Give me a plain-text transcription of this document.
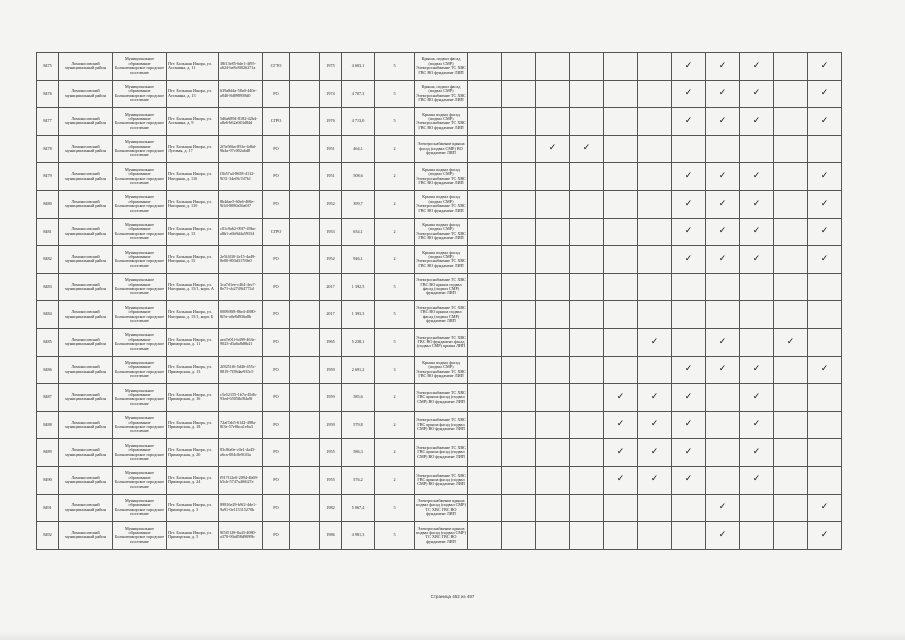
8475	Ломоносовский муниципальный район	Муниципальное образование Большеижорское городское поселение	Пгт. Большая Ижора, ул. Астанина, д. 11	38f13e85-6de1-4f95-a624-be8c8f026271a	СГТО		1975	4 603,1	5	Крыша, подвал фасад (подвал CMP) Электроснабжение ТС ХВС ГВС ВО фундамент ЛИП							✓	✓	✓		✓
8476	Ломоносовский муниципальный район	Муниципальное образование Большеижорское городское поселение	Пгт. Большая Ижора, ул. Астанина, д. 13	639a8d4a-58a0-440e-a040-8d898958d0	РО		1974	4 707,3	5	Крыша, подвал фасад (подвал CMP) Электроснабжение ТС ХВС ГВС ВО фундамент ЛИП							✓	✓	✓		✓
8477	Ломоносовский муниципальный район	Муниципальное образование Большеижорское городское поселение	Пгт. Большая Ижора, ул. Астанина, д. 9	5d6a6894-8182-42b4-a8e6-b62a943d84d	СГРО		1976	4 713,0	5	Крыша подвал фасад (подвал CMP) Электроснабжение ТС ХВС ГВС ВО фундамент ЛИП							✓	✓	✓		✓
8478	Ломоносовский муниципальный район	Муниципальное образование Большеижорское городское поселение	Пгт. Большая Ижора, ул. Луговая, д. 17	2f5e56ba-853e-4d6d-9b4a-97c902a6d8	РО		1951	464,1	2	Электроснабжение крыша фасад (подвал CMP) ВО фундамент ЛИП			✓	✓							
8479	Ломоносовский муниципальный район	Муниципальное образование Большеижорское городское поселение	Пгт. Большая Ижора, ул. Нагорная, д. 11б	f3b57a4-8658-4132-9f31-34ef8c7d7b1	РО		1951	508,6	2	Крыша подвал фасад (подвал CMP) Электроснабжение ТС ХВС ГВС ВО фундамент ЛИП							✓	✓	✓		✓
8480	Ломоносовский муниципальный район	Муниципальное образование Большеижорское городское поселение	Пгт. Большая Ижора, ул. Нагорная, д. 13б	8b4dae5-60e6-469e-9f44-8080a56a0f7	РО		1952	399,7	2	Крыша подвал фасад (подвал CMP) Электроснабжение ТС ХВС ГВС ВО фундамент ЛИП							✓	✓	✓		✓
8481	Ломоносовский муниципальный район	Муниципальное образование Большеижорское городское поселение	Пгт. Большая Ижора, ул. Нагорная, д. 13	c01c9a62-09f7-49ba-a8b1-a6b9d4a59334	СГРО		1953	654,1	2	Крыша подвал фасад (подвал CMP) Электроснабжение ТС ХВС ГВС ВО фундамент ЛИП							✓	✓	✓		✓
8482	Ломоносовский муниципальный район	Муниципальное образование Большеижорское городское поселение	Пгт. Большая Ижора, ул. Нагорная, д. 15	2e5f4f30-2e15-4a49-8e00-803d317f0e0	РО		1952	946,1	2	Крыша подвал фасад (подвал CMP) Электроснабжение ТС ХВС ГВС ВО фундамент ЛИП							✓	✓	✓		✓
8483	Ломоносовский муниципальный район	Муниципальное образование Большеижорское городское поселение	Пгт. Большая Ижора, ул. Нагорная, д. 15/1, корп. А	3ca7d1ee-c464-4ec7-8e71-cb2749f4772d	РО		2017	1 392,5	5	Электроснабжение ТС ХВС ГВС ВО крыша подвал фасад (подвал CMP) фундамент ЛИП											
8484	Ломоносовский муниципальный район	Муниципальное образование Большеижорское городское поселение	Пгт. Большая Ижора, ул. Нагорная, д. 15/1, корп. Б	0009f8f8-86e4-4880-8f5e-a0e8d936a8b	РО		2017	1 393,3	5	Электроснабжение ТС ХВС ГВС ВО крыша подвал фасад (подвал CMP) фундамент ЛИП											
8485	Ломоносовский муниципальный район	Муниципальное образование Большеижорское городское поселение	Пгт. Большая Ижора, ул. Приморская, д. 11	aea7e01f-b499-463e-9023-d3a6a8d8b41	РО		1965	5 238,1	5	Электроснабжение ТС ХВС ГВС ВО фундамент фасад (подвал CMP) крыша ЛИП						✓		✓		✓	
8486	Ломоносовский муниципальный район	Муниципальное образование Большеижорское городское поселение	Пгт. Большая Ижора, ул. Приморская, д. 13	2f8251f6-5d46-455c-8819-7f58dae935c5	РО		1959	2 691,2	3	Крыша подвал фасад (подвал CMP) Электроснабжение ТС ХВС ГВС ВО фундамент ЛИП							✓	✓	✓		✓
8487	Ломоносовский муниципальный район	Муниципальное образование Большеижорское городское поселение	Пгт. Большая Ижора, ул. Приморская, д. 16	c5e52155-1b7a-45db-93ed-6505fbf84a9f	РО		1959	585,6	2	Электроснабжение ТС ХВС ГВС крыша фасад (подвал CMP) ВО фундамент ЛИП					✓	✓	✓		✓		
8488	Ломоносовский муниципальный район	Муниципальное образование Большеижорское городское поселение	Пгт. Большая Ижора, ул. Приморская, д. 18	72af7ab5-6142-498a-8f3e-57e0bca1e6a3	РО		1959	579,8	2	Электроснабжение ТС ХВС ГВС крыша фасад (подвал CMP) ВО фундамент ЛИП					✓	✓	✓		✓		
8489	Ломоносовский муниципальный район	Муниципальное образование Большеижорское городское поселение	Пгт. Большая Ижора, ул. Приморская, д. 20	83c8fa0e-c0e1-4a45-a6ca-004c8e9f43a	РО		1955	586,3	2	Электроснабжение ТС ХВС ГВС крыша фасад (подвал CMP) ВО фундамент ЛИП					✓	✓	✓		✓		
8490	Ломоносовский муниципальный район	Муниципальное образование Большеижорское городское поселение	Пгт. Большая Ижора, ул. Приморская, д. 24	f917f12e0-2094-4b69-b5cb-5747a4f6627e	РО		1955	576,2	2	Электроснабжение ТС ХВС ГВС крыша фасад (подвал CMP) ВО фундамент ЛИП					✓	✓	✓		✓		
8491	Ломоносовский муниципальный район	Муниципальное образование Большеижорское городское поселение	Пгт. Большая Ижора, ул. Приморская, д. 3	89816e29-b9f2-4de1-9a91-0e115315270b	РО		1982	5 067,4	5	Электроснабжение крыша подвал фасад (подвал CMP) ТС ХВС ГВС ВО фундамент ЛИП								✓			✓
8492	Ломоносовский муниципальный район	Муниципальное образование Большеижорское городское поселение	Пгт. Большая Ижора, ул. Приморская, д. 5	9f5f5128-8a43-4080-a370-90a858d9099b	РО		1986	4 981,3	5	Электроснабжение крыша подвал фасад (подвал CMP) ТС ХВС ГВС ВО фундамент ЛИП								✓			✓
Страница 452 из 497
